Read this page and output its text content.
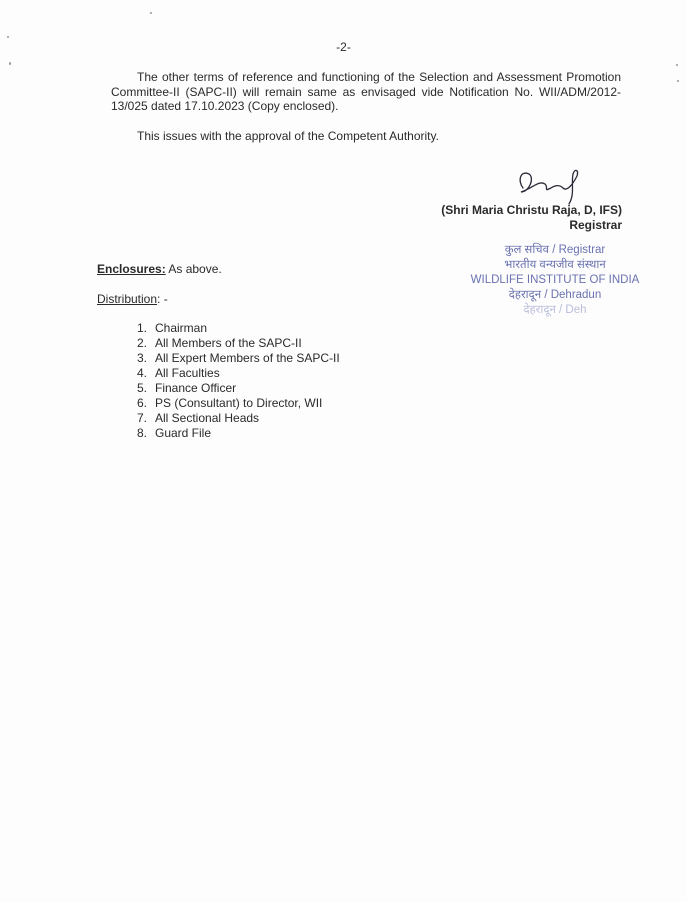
-2-
The other terms of reference and functioning of the Selection and Assessment Promotion Committee-II (SAPC-II) will remain same as envisaged vide Notification No. WII/ADM/2012-13/025 dated 17.10.2023 (Copy enclosed).
This issues with the approval of the Competent Authority.
(Shri Maria Christu Raja, D, IFS)
Registrar
कुल सचिव / Registrar
भारतीय वन्यजीव संस्थान
WILDLIFE INSTITUTE OF INDIA
देहरादून / Dehradun
देहरादून / Deh
Enclosures: As above.
Distribution: -
1. Chairman
2. All Members of the SAPC-II
3. All Expert Members of the SAPC-II
4. All Faculties
5. Finance Officer
6. PS (Consultant) to Director, WII
7. All Sectional Heads
8. Guard File
